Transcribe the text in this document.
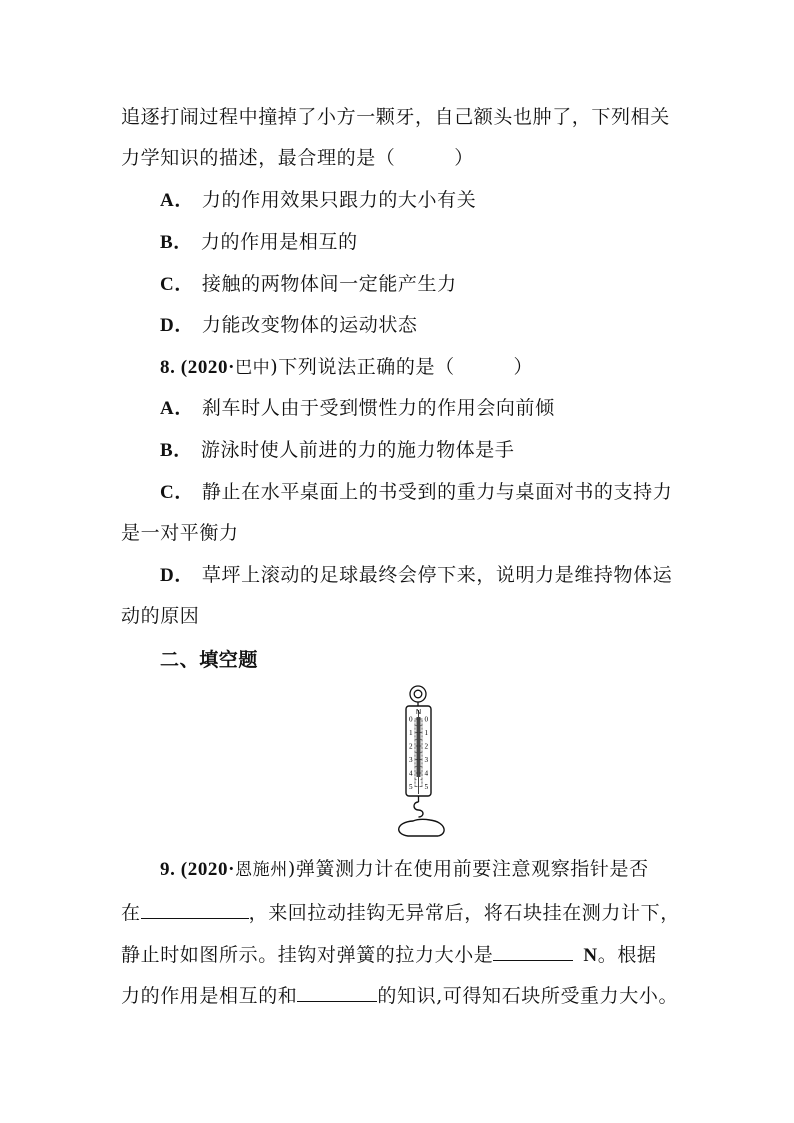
追逐打闹过程中撞掉了小方一颗牙，自己额头也肿了，下列相关
力学知识的描述，最合理的是（　　　）
A． 力的作用效果只跟力的大小有关
B． 力的作用是相互的
C． 接触的两物体间一定能产生力
D． 力能改变物体的运动状态
8. (2020·巴中)下列说法正确的是（　　　）
A． 刹车时人由于受到惯性力的作用会向前倾
B． 游泳时使人前进的力的施力物体是手
C． 静止在水平桌面上的书受到的重力与桌面对书的支持力
是一对平衡力
D． 草坪上滚动的足球最终会停下来，说明力是维持物体运
动的原因
二、填空题
N
0
1
2
3
4
5
0
1
2
3
4
5
9. (2020·恩施州)弹簧测力计在使用前要注意观察指针是否
在	，来回拉动挂钩无异常后，将石块挂在测力计下，
静止时如图所示。挂钩对弹簧的拉力大小是	N。根据
力的作用是相互的和	的知识,可得知石块所受重力大小。
